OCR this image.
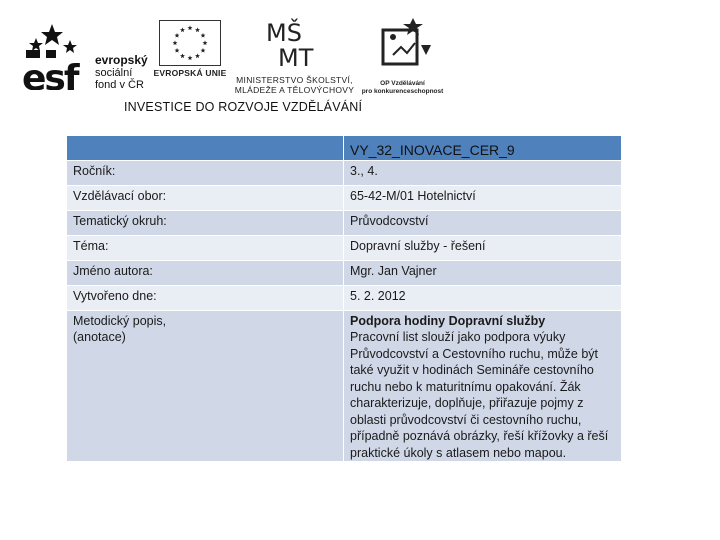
esf evropský
sociální
fond v ČR
EVROPSKÁ UNIE
MŠ
MT
MINISTERSTVO ŠKOLSTVÍ,
MLÁDEŽE A TĚLOVÝCHOVY
OP Vzdělávání
pro konkurenceschopnost
INVESTICE DO ROZVOJE VZDĚLÁVÁNÍ
	VY_32_INOVACE_CER_9
Ročník:	3., 4.
Vzdělávací obor:	65-42-M/01 Hotelnictví
Tematický okruh:	Průvodcovství
Téma:	Dopravní služby - řešení
Jméno autora:	Mgr. Jan Vajner
Vytvořeno dne:	5. 2. 2012

Metodický popis,
(anotace)	Podpora hodiny Dopravní služby
Pracovní list slouží jako podpora výuky Průvodcovství a Cestovního ruchu, může být také využit v hodinách Semináře cestovního ruchu nebo k maturitnímu opakování. Žák charakterizuje, doplňuje, přiřazuje pojmy z oblasti průvodcovství či cestovního ruchu, případně poznává obrázky, řeší křížovky a řeší praktické úkoly s atlasem nebo mapou.
